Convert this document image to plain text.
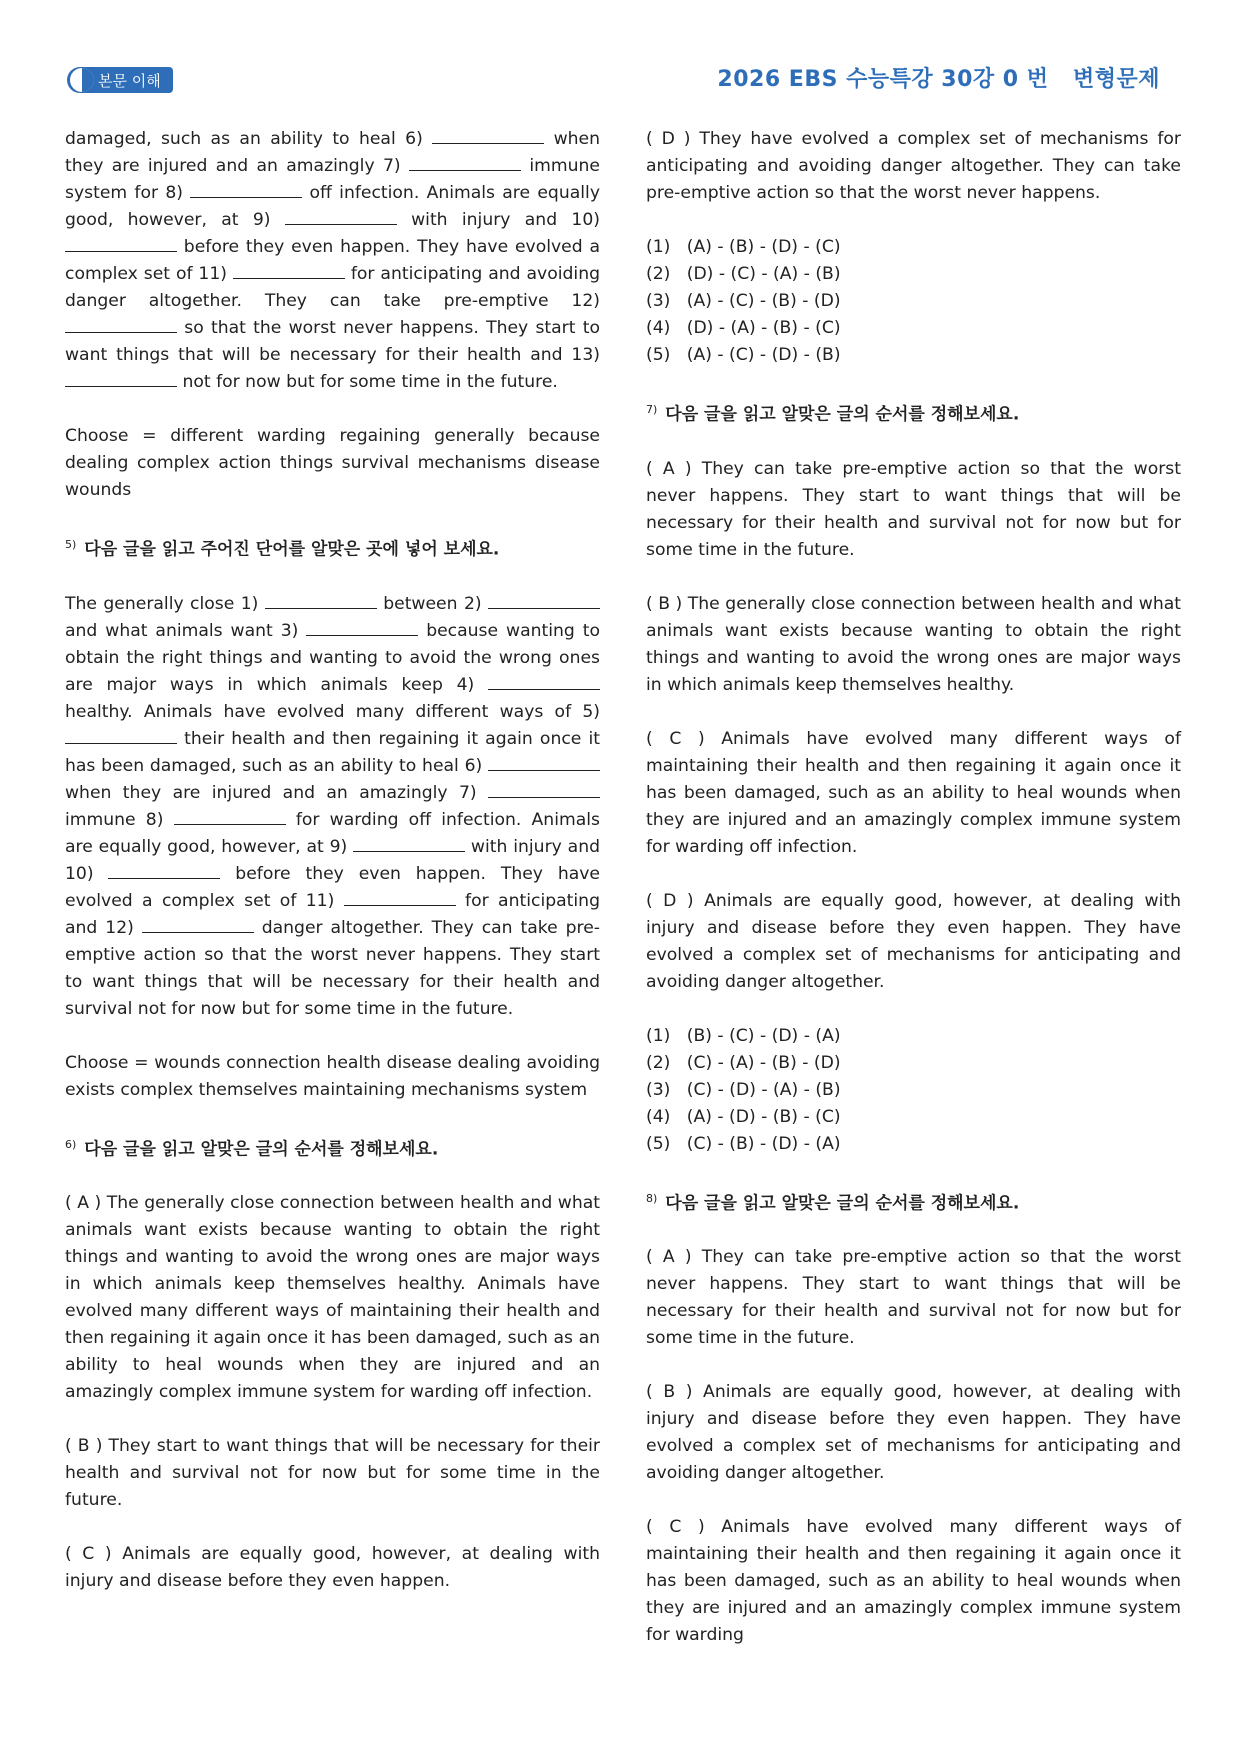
본문 이해	2026 EBS 수능특강 30강 0 번   변형문제

damaged, such as an ability to heal 6)	when they are injured and an amazingly 7)	immune system for 8)	off infection. Animals are equally good, however, at 9)	with injury and 10)  before they even happen. They have evolved a complex set of 11)	for anticipating and avoiding danger altogether. They can take pre-emptive 12)  so that the worst never happens. They start to want things that will be necessary for their health and 13)  not for now but for some time in the future.

Choose = different warding regaining generally because dealing complex action things survival mechanisms disease wounds

$^{5)}$ 다음 글을 읽고 주어진 단어를 알맞은 곳에 넣어 보세요.

The generally close 1)	between 2)  and what animals want 3)	because wanting to obtain the right things and wanting to avoid the wrong ones are major ways in which animals keep 4)  healthy. Animals have evolved many different ways of 5)  their health and then regaining it again once it has been damaged, such as an ability to heal 6)  when they are injured and an amazingly 7)  immune 8)	for warding off infection. Animals are equally good, however, at 9)	with injury and 10)	before they even happen. They have evolved a complex set of 11)	for anticipating and 12)	danger altogether. They can take pre-emptive action so that the worst never happens. They start to want things that will be necessary for their health and survival not for now but for some time in the future.

Choose = wounds connection health disease dealing avoiding exists complex themselves maintaining mechanisms system

$^{6)}$ 다음 글을 읽고 알맞은 글의 순서를 정해보세요.

( A ) The generally close connection between health and what animals want exists because wanting to obtain the right things and wanting to avoid the wrong ones are major ways in which animals keep themselves healthy. Animals have evolved many different ways of maintaining their health and then regaining it again once it has been damaged, such as an ability to heal wounds when they are injured and an amazingly complex immune system for warding off infection.

( B ) They start to want things that will be necessary for their health and survival not for now but for some time in the future.

( C ) Animals are equally good, however, at dealing with injury and disease before they even happen.

( D ) They have evolved a complex set of mechanisms for anticipating and avoiding danger altogether. They can take pre-emptive action so that the worst never happens.

(1)   (A) - (B) - (D) - (C)
(2)   (D) - (C) - (A) - (B)
(3)   (A) - (C) - (B) - (D)
(4)   (D) - (A) - (B) - (C)
(5)   (A) - (C) - (D) - (B)
$^{7)}$ 다음 글을 읽고 알맞은 글의 순서를 정해보세요.

( A ) They can take pre-emptive action so that the worst never happens. They start to want things that will be necessary for their health and survival not for now but for some time in the future.

( B ) The generally close connection between health and what animals want exists because wanting to obtain the right things and wanting to avoid the wrong ones are major ways in which animals keep themselves healthy.

( C ) Animals have evolved many different ways of maintaining their health and then regaining it again once it has been damaged, such as an ability to heal wounds when they are injured and an amazingly complex immune system for warding off infection.

( D ) Animals are equally good, however, at dealing with injury and disease before they even happen. They have evolved a complex set of mechanisms for anticipating and avoiding danger altogether.

(1)   (B) - (C) - (D) - (A)
(2)   (C) - (A) - (B) - (D)
(3)   (C) - (D) - (A) - (B)
(4)   (A) - (D) - (B) - (C)
(5)   (C) - (B) - (D) - (A)
$^{8)}$ 다음 글을 읽고 알맞은 글의 순서를 정해보세요.

( A ) They can take pre-emptive action so that the worst never happens. They start to want things that will be necessary for their health and survival not for now but for some time in the future.

( B ) Animals are equally good, however, at dealing with injury and disease before they even happen. They have evolved a complex set of mechanisms for anticipating and avoiding danger altogether.

( C ) Animals have evolved many different ways of maintaining their health and then regaining it again once it has been damaged, such as an ability to heal wounds when they are injured and an amazingly complex immune system for warding
